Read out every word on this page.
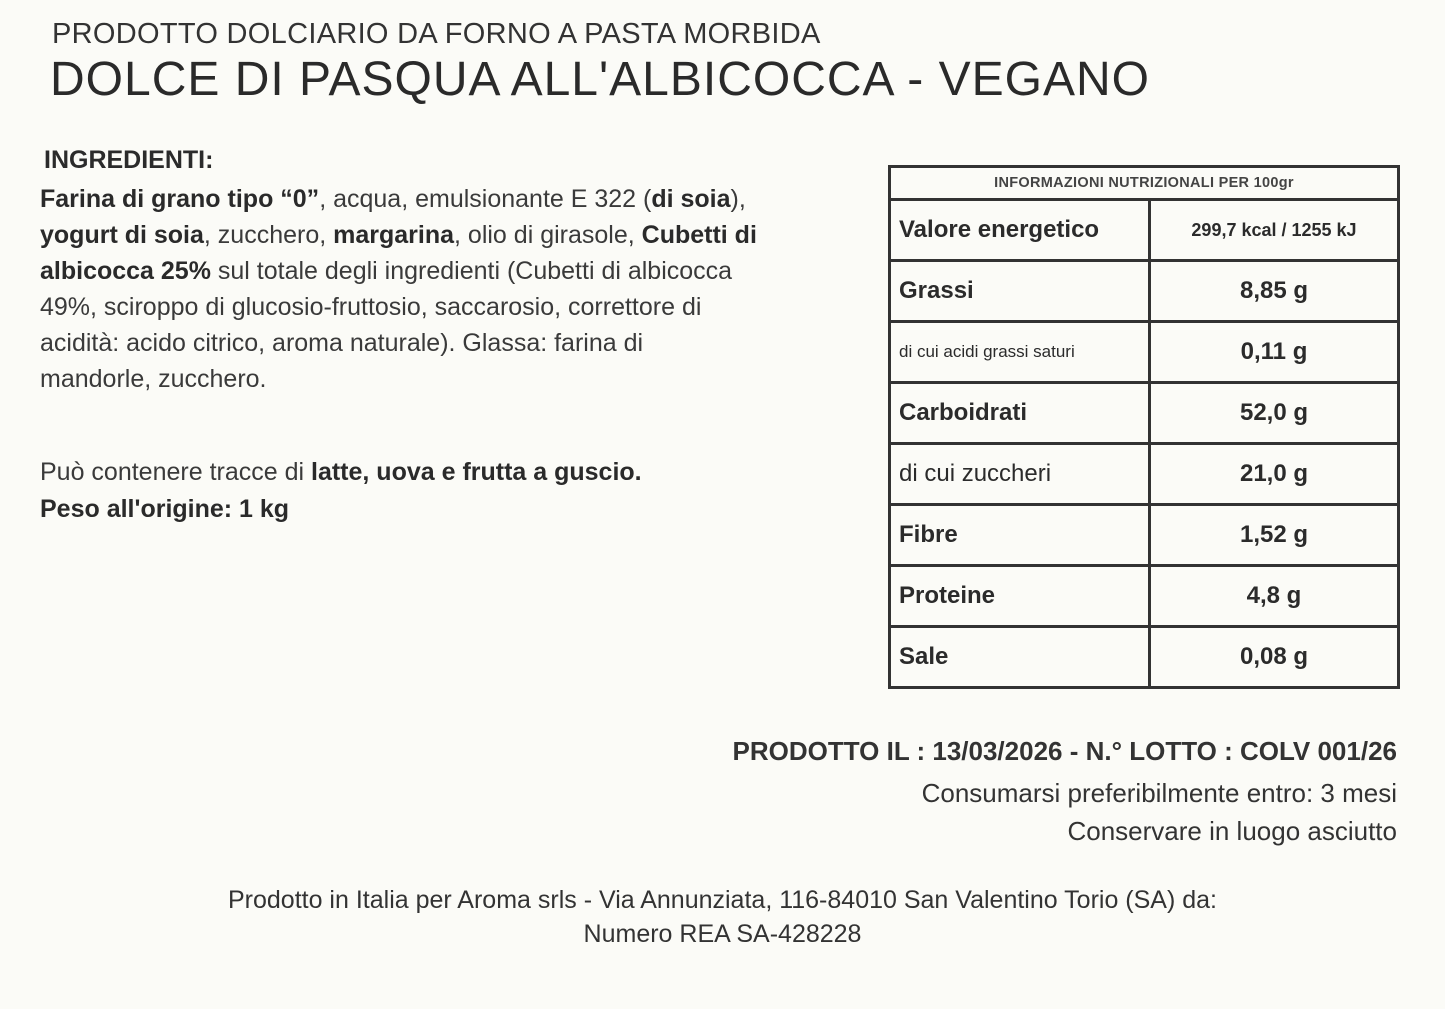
PRODOTTO DOLCIARIO DA FORNO A PASTA MORBIDA
DOLCE DI PASQUA ALL'ALBICOCCA - VEGANO
INGREDIENTI:
Farina di grano tipo “0”, acqua, emulsionante E 322 (di soia),
yogurt di soia, zucchero, margarina, olio di girasole, Cubetti di
albicocca 25% sul totale degli ingredienti (Cubetti di albicocca
49%, sciroppo di glucosio-fruttosio, saccarosio, correttore di
acidità: acido citrico, aroma naturale). Glassa: farina di
mandorle, zucchero.
Può contenere tracce di latte, uova e frutta a guscio.
Peso all'origine: 1 kg
INFORMAZIONI NUTRIZIONALI PER 100gr
Valore energetico	299,7 kcal / 1255 kJ
Grassi	8,85 g
di cui acidi grassi saturi	0,11 g
Carboidrati	52,0 g
di cui zuccheri	21,0 g
Fibre	1,52 g
Proteine	4,8 g
Sale	0,08 g
PRODOTTO IL : 13/03/2026 - N.° LOTTO : COLV 001/26
Consumarsi preferibilmente entro: 3 mesi
Conservare in luogo asciutto
Prodotto in Italia per Aroma srls - Via Annunziata, 116-84010 San Valentino Torio (SA) da:
Numero REA SA-428228
